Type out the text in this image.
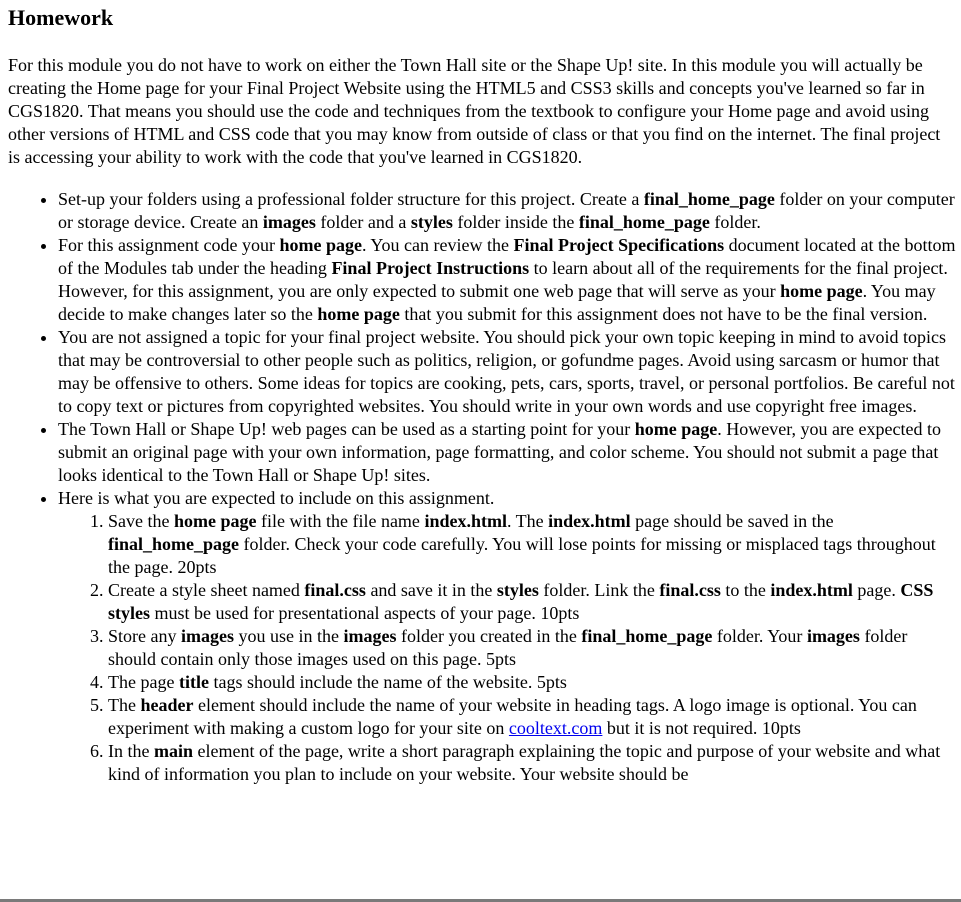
Homework

For this module you do not have to work on either the Town Hall site or the Shape Up! site. In this module you will actually be creating the Home page for your Final Project Website using the HTML5 and CSS3 skills and concepts you've learned so far in CGS1820. That means you should use the code and techniques from the textbook to configure your Home page and avoid using other versions of HTML and CSS code that you may know from outside of class or that you find on the internet. The final project is accessing your ability to work with the code that you've learned in CGS1820.

• Set-up your folders using a professional folder structure for this project. Create a final_home_page folder on your computer or storage device. Create an images folder and a styles folder inside the final_home_page folder.
• For this assignment code your home page. You can review the Final Project Specifications document located at the bottom of the Modules tab under the heading Final Project Instructions to learn about all of the requirements for the final project. However, for this assignment, you are only expected to submit one web page that will serve as your home page. You may decide to make changes later so the home page that you submit for this assignment does not have to be the final version.
• You are not assigned a topic for your final project website. You should pick your own topic keeping in mind to avoid topics that may be controversial to other people such as politics, religion, or gofundme pages. Avoid using sarcasm or humor that may be offensive to others. Some ideas for topics are cooking, pets, cars, sports, travel, or personal portfolios. Be careful not to copy text or pictures from copyrighted websites. You should write in your own words and use copyright free images.
• The Town Hall or Shape Up! web pages can be used as a starting point for your home page. However, you are expected to submit an original page with your own information, page formatting, and color scheme. You should not submit a page that looks identical to the Town Hall or Shape Up! sites.
• Here is what you are expected to include on this assignment.
1. Save the home page file with the file name index.html. The index.html page should be saved in the final_home_page folder. Check your code carefully. You will lose points for missing or misplaced tags throughout the page. 20pts
2. Create a style sheet named final.css and save it in the styles folder. Link the final.css to the index.html page. CSS styles must be used for presentational aspects of your page. 10pts
3. Store any images you use in the images folder you created in the final_home_page folder. Your images folder should contain only those images used on this page. 5pts
4. The page title tags should include the name of the website. 5pts
5. The header element should include the name of your website in heading tags. A logo image is optional. You can experiment with making a custom logo for your site on cooltext.com but it is not required. 10pts
6. In the main element of the page, write a short paragraph explaining the topic and purpose of your website and what kind of information you plan to include on your website. Your website should be
